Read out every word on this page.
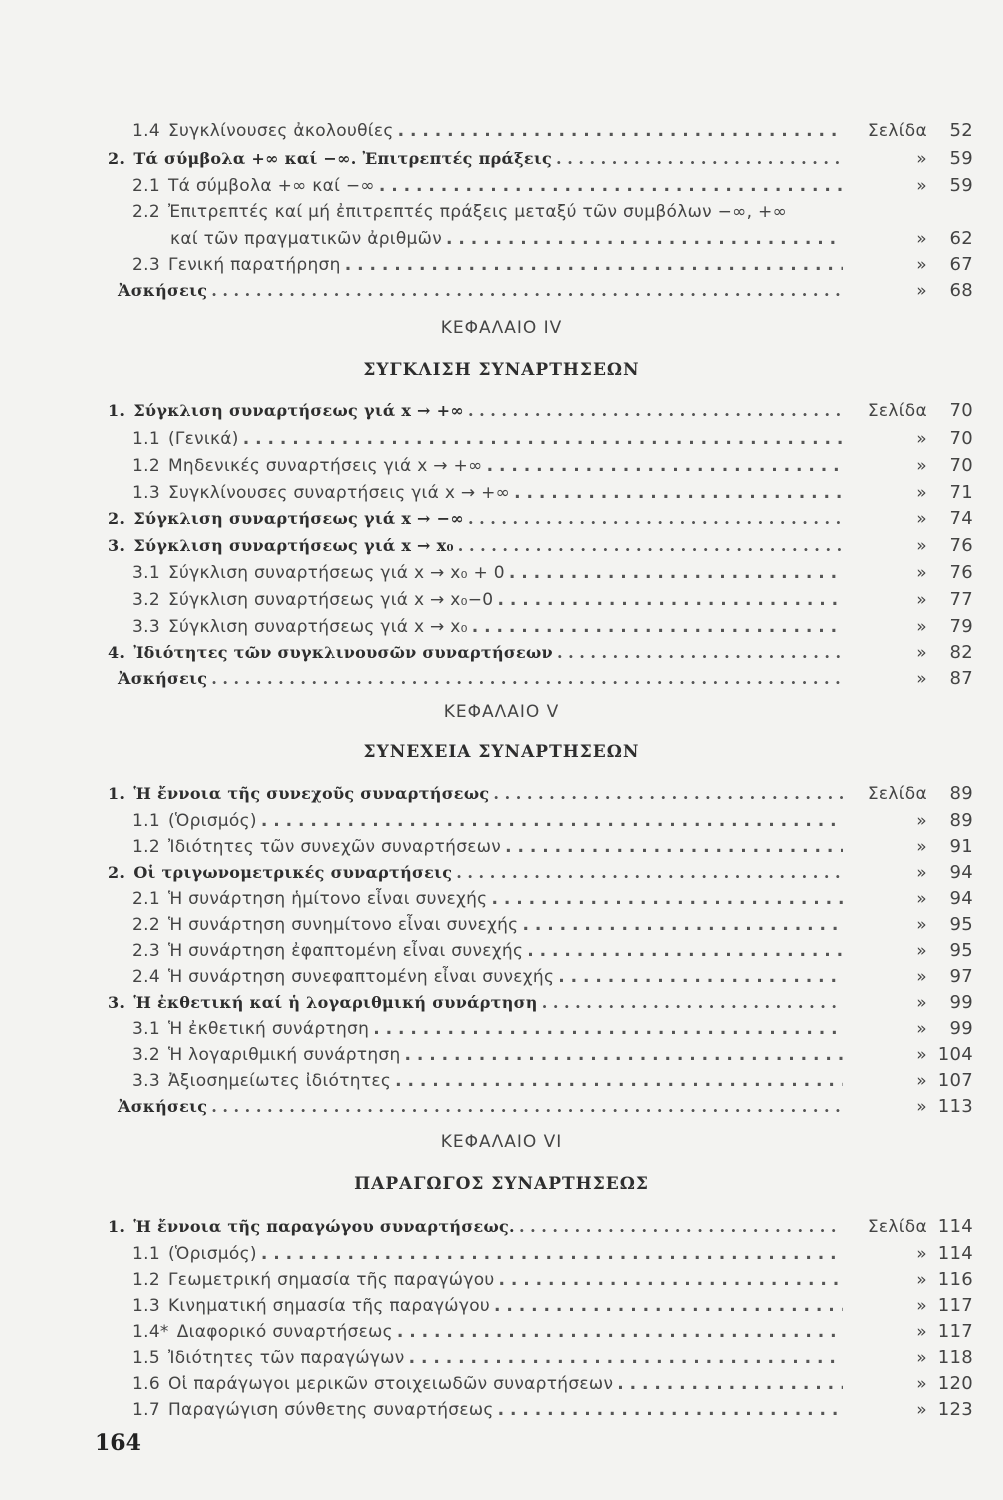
1.4 Συγκλίνουσες ἀκολουθίες . . .	Σελίδα	52
2. Τά σύμβολα +∞ καί −∞. Ἐπιτρεπτές πράξεις . . .	»	59
2.1 Τά σύμβολα +∞ καί −∞ . . .	»	59
2.2 Ἐπιτρεπτές καί μή ἐπιτρεπτές πράξεις μεταξύ τῶν συμβόλων −∞, +∞
καί τῶν πραγματικῶν ἀριθμῶν . . .	»	62
2.3 Γενική παρατήρηση . . .	»	67
Ἀσκήσεις . . .	»	68
ΚΕΦΑΛΑΙΟ IV
ΣΥΓΚΛΙΣΗ ΣΥΝΑΡΤΗΣΕΩΝ
1. Σύγκλιση συναρτήσεως γιά x → +∞ . . .	Σελίδα	70
1.1 (Γενικά) . . .	»	70
1.2 Μηδενικές συναρτήσεις γιά x → +∞ . . .	»	70
1.3 Συγκλίνουσες συναρτήσεις γιά x → +∞ . . .	»	71
2. Σύγκλιση συναρτήσεως γιά x → −∞ . . .	»	74
3. Σύγκλιση συναρτήσεως γιά x → x₀ . . .	»	76
3.1 Σύγκλιση συναρτήσεως γιά x → x₀ + 0 . . .	»	76
3.2 Σύγκλιση συναρτήσεως γιά x → x₀−0 . . .	»	77
3.3 Σύγκλιση συναρτήσεως γιά x → x₀ . . .	»	79
4. Ἰδιότητες τῶν συγκλινουσῶν συναρτήσεων . . .	»	82
Ἀσκήσεις . . .	»	87
ΚΕΦΑΛΑΙΟ V
ΣΥΝΕΧΕΙΑ ΣΥΝΑΡΤΗΣΕΩΝ
1. Ἡ ἔννοια τῆς συνεχοῦς συναρτήσεως . . .	Σελίδα	89
1.1 (Ὁρισμός) . . .	»	89
1.2 Ἰδιότητες τῶν συνεχῶν συναρτήσεων . . .	»	91
2. Οἱ τριγωνομετρικές συναρτήσεις . . .	»	94
2.1 Ἡ συνάρτηση ἡμίτονο εἶναι συνεχής . . .	»	94
2.2 Ἡ συνάρτηση συνημίτονο εἶναι συνεχής . . .	»	95
2.3 Ἡ συνάρτηση ἐφαπτομένη εἶναι συνεχής . . .	»	95
2.4 Ἡ συνάρτηση συνεφαπτομένη εἶναι συνεχής . . .	»	97
3. Ἡ ἐκθετική καί ἡ λογαριθμική συνάρτηση . . .	»	99
3.1 Ἡ ἐκθετική συνάρτηση . . .	»	99
3.2 Ἡ λογαριθμική συνάρτηση . . .	» 104
3.3 Ἀξιοσημείωτες ἰδιότητες . . .	» 107
Ἀσκήσεις . . .	» 113
ΚΕΦΑΛΑΙΟ VI
ΠΑΡΑΓΩΓΟΣ ΣΥΝΑΡΤΗΣΕΩΣ
1. Ἡ ἔννοια τῆς παραγώγου συναρτήσεως. . . .	Σελίδα 114
1.1 (Ὁρισμός) . . .	» 114
1.2 Γεωμετρική σημασία τῆς παραγώγου . . .	» 116
1.3 Κινηματική σημασία τῆς παραγώγου . . .	» 117
1.4* Διαφορικό συναρτήσεως . . .	» 117
1.5 Ἰδιότητες τῶν παραγώγων . . .	» 118
1.6 Οἱ παράγωγοι μερικῶν στοιχειωδῶν συναρτήσεων . . .	» 120
1.7 Παραγώγιση σύνθετης συναρτήσεως . . .	» 123
164
